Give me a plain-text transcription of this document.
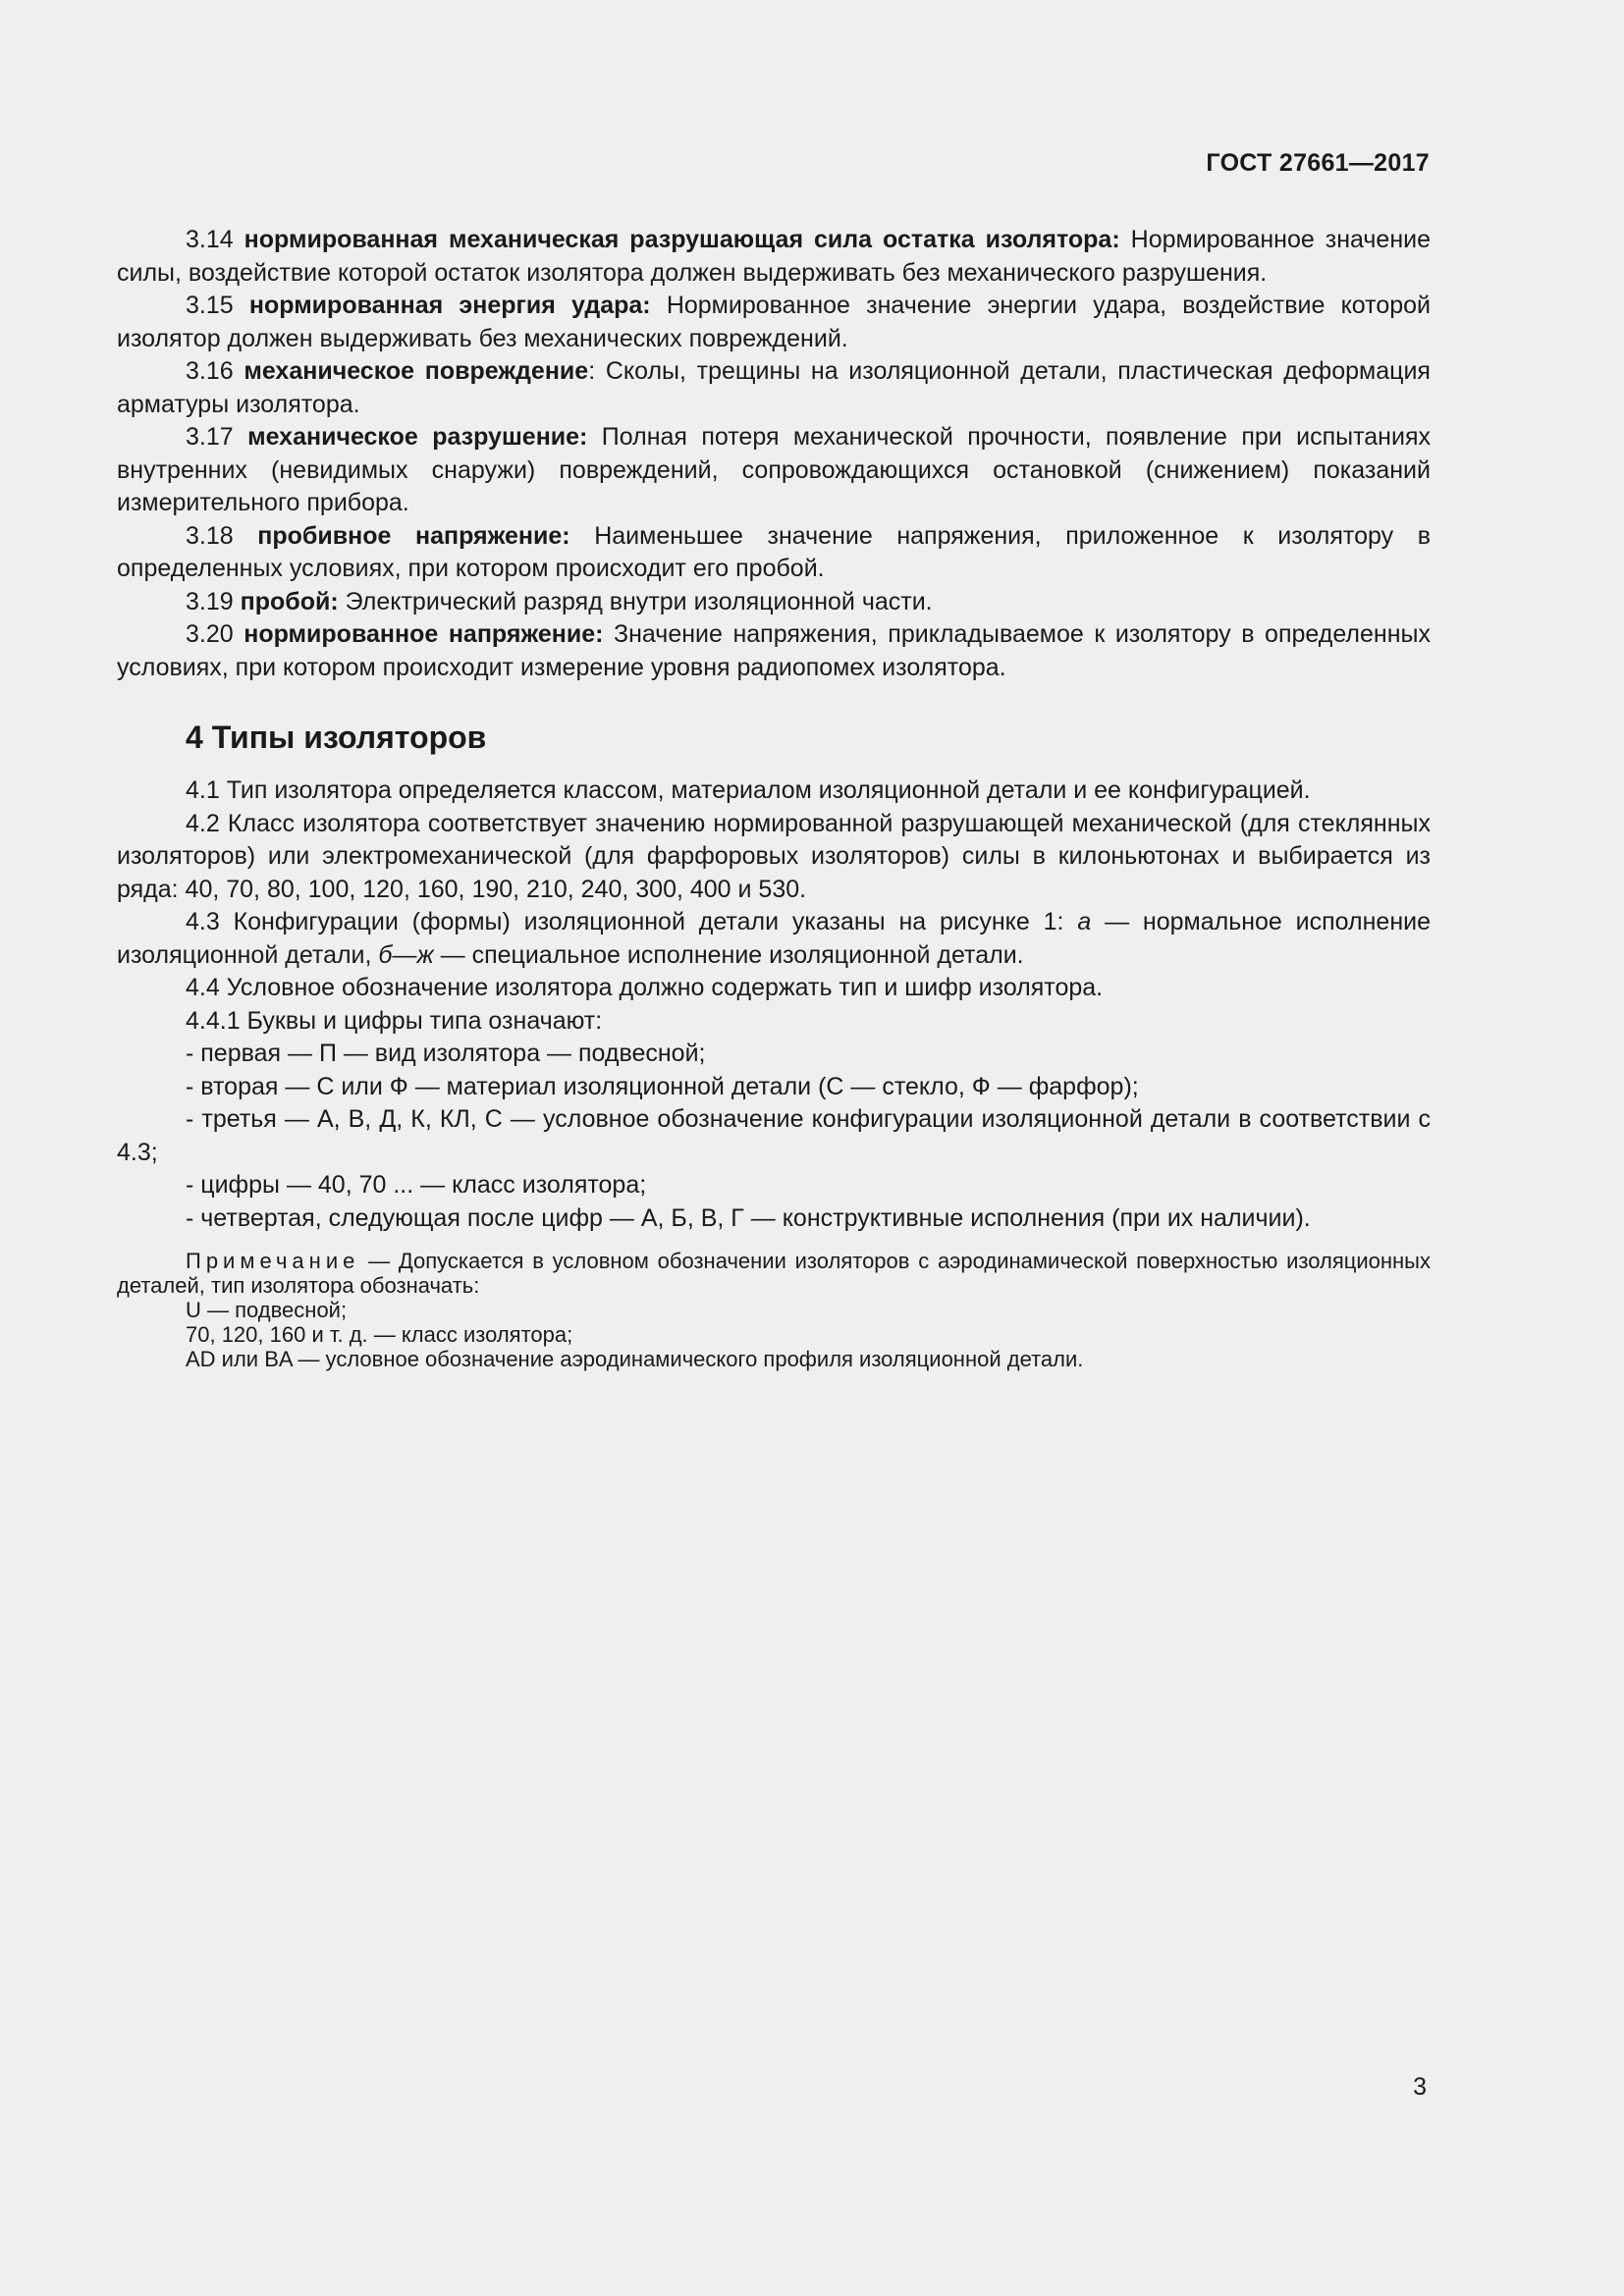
ГОСТ 27661—2017

3.14 нормированная механическая разрушающая сила остатка изолятора: Нормированное значение силы, воздействие которой остаток изолятора должен выдерживать без механического разрушения.

3.15 нормированная энергия удара: Нормированное значение энергии удара, воздействие которой изолятор должен выдерживать без механических повреждений.

3.16 механическое повреждение: Сколы, трещины на изоляционной детали, пластическая деформация арматуры изолятора.

3.17 механическое разрушение: Полная потеря механической прочности, появление при испытаниях внутренних (невидимых снаружи) повреждений, сопровождающихся остановкой (снижением) показаний измерительного прибора.

3.18 пробивное напряжение: Наименьшее значение напряжения, приложенное к изолятору в определенных условиях, при котором происходит его пробой.

3.19 пробой: Электрический разряд внутри изоляционной части.

3.20 нормированное напряжение: Значение напряжения, прикладываемое к изолятору в определенных условиях, при котором происходит измерение уровня радиопомех изолятора.

4 Типы изоляторов

4.1 Тип изолятора определяется классом, материалом изоляционной детали и ее конфигурацией.

4.2 Класс изолятора соответствует значению нормированной разрушающей механической (для стеклянных изоляторов) или электромеханической (для фарфоровых изоляторов) силы в килоньютонах и выбирается из ряда: 40, 70, 80, 100, 120, 160, 190, 210, 240, 300, 400 и 530.

4.3 Конфигурации (формы) изоляционной детали указаны на рисунке 1: а — нормальное исполнение изоляционной детали, б—ж — специальное исполнение изоляционной детали.

4.4 Условное обозначение изолятора должно содержать тип и шифр изолятора.

4.4.1 Буквы и цифры типа означают:

- первая — П — вид изолятора — подвесной;

- вторая — С или Ф — материал изоляционной детали (С — стекло, Ф — фарфор);

- третья — А, В, Д, К, КЛ, С — условное обозначение конфигурации изоляционной детали в соответствии с 4.3;

- цифры — 40, 70 ... — класс изолятора;

- четвертая, следующая после цифр — А, Б, В, Г — конструктивные исполнения (при их наличии).

Примечание — Допускается в условном обозначении изоляторов с аэродинамической поверхностью изоляционных деталей, тип изолятора обозначать:

U — подвесной;

70, 120, 160 и т. д. — класс изолятора;

AD или BA — условное обозначение аэродинамического профиля изоляционной детали.

3
